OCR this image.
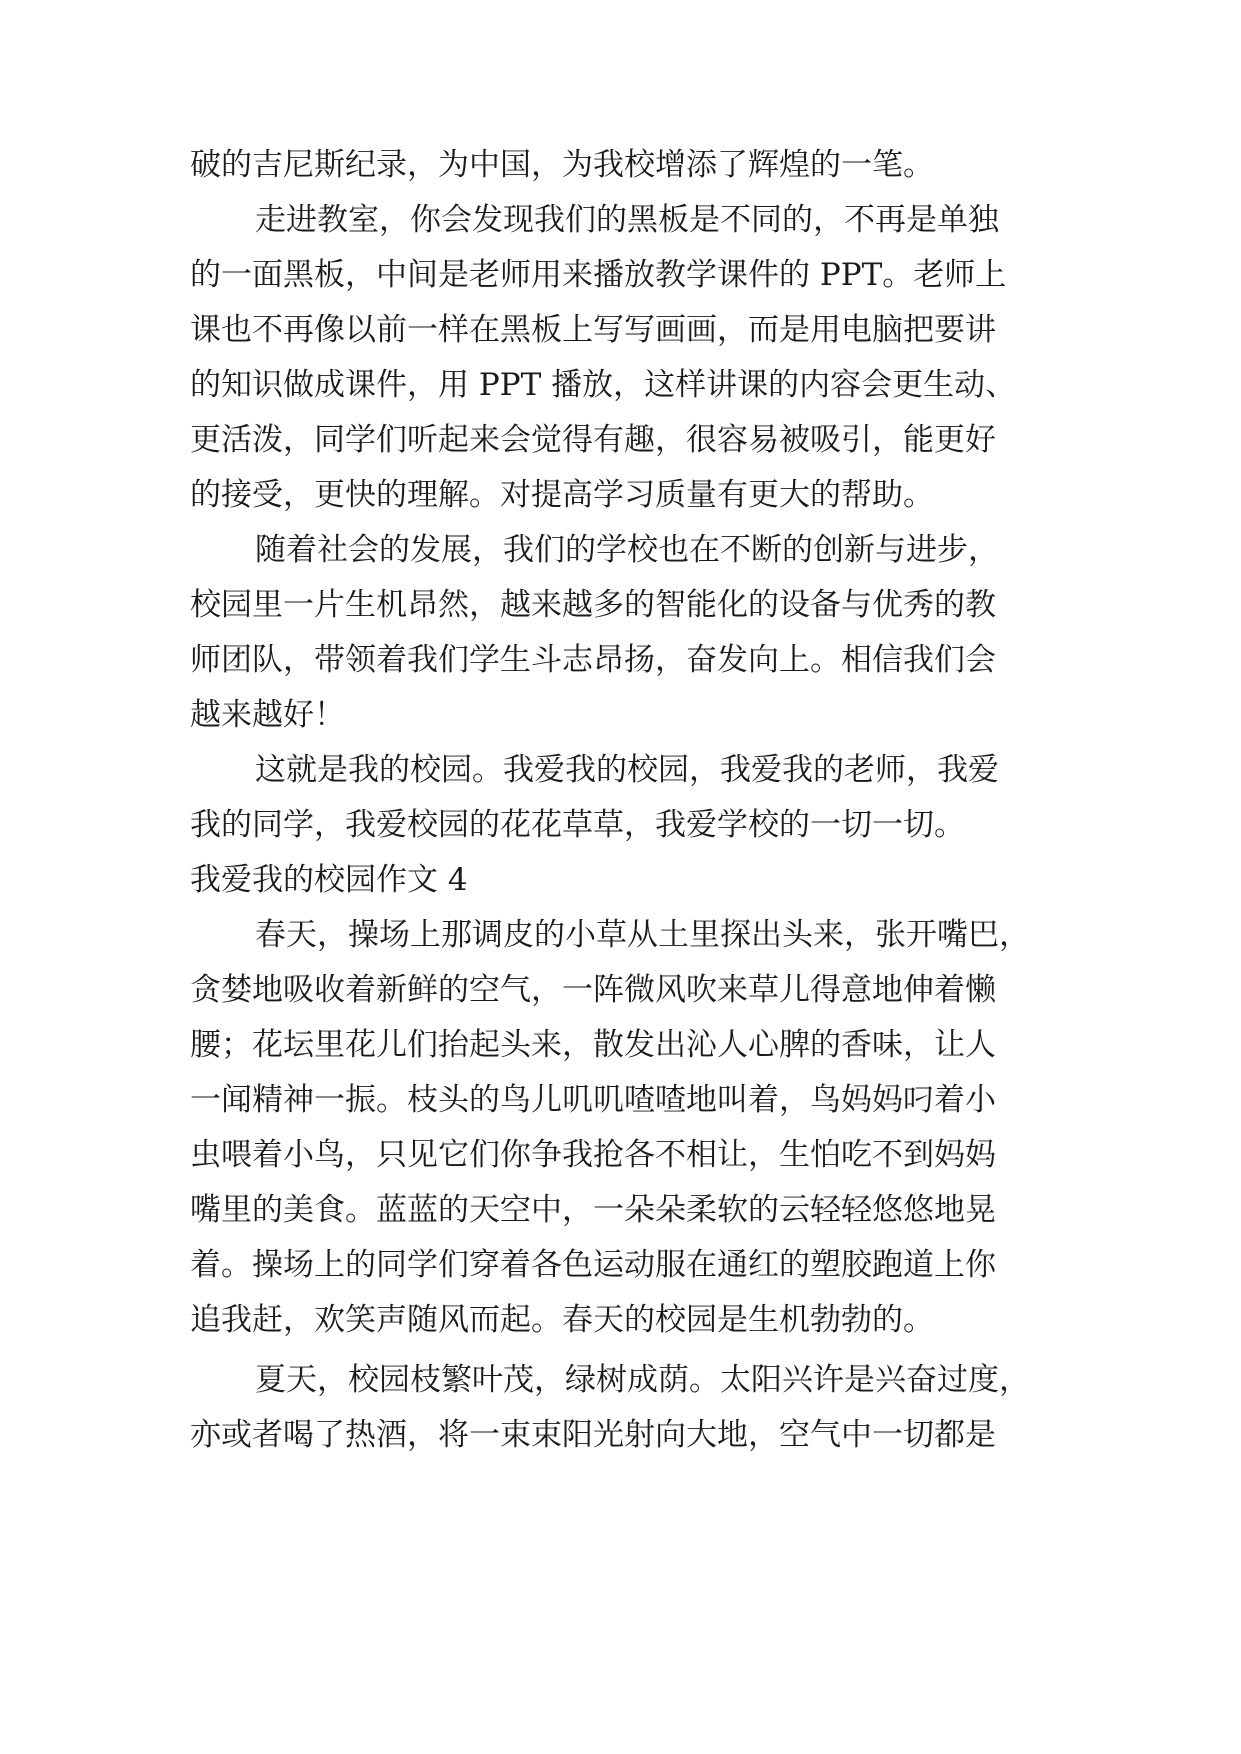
破的吉尼斯纪录，为中国，为我校增添了辉煌的一笔。
走进教室，你会发现我们的黑板是不同的，不再是单独
的一面黑板，中间是老师用来播放教学课件的 PPT。老师上
课也不再像以前一样在黑板上写写画画，而是用电脑把要讲
的知识做成课件，用 PPT 播放，这样讲课的内容会更生动、
更活泼，同学们听起来会觉得有趣，很容易被吸引，能更好
的接受，更快的理解。对提高学习质量有更大的帮助。
随着社会的发展，我们的学校也在不断的创新与进步，
校园里一片生机昂然，越来越多的智能化的设备与优秀的教
师团队，带领着我们学生斗志昂扬，奋发向上。相信我们会
越来越好！
这就是我的校园。我爱我的校园，我爱我的老师，我爱
我的同学，我爱校园的花花草草，我爱学校的一切一切。
我爱我的校园作文 4
春天，操场上那调皮的小草从土里探出头来，张开嘴巴，
贪婪地吸收着新鲜的空气，一阵微风吹来草儿得意地伸着懒
腰；花坛里花儿们抬起头来，散发出沁人心脾的香味，让人
一闻精神一振。枝头的鸟儿叽叽喳喳地叫着，鸟妈妈叼着小
虫喂着小鸟，只见它们你争我抢各不相让，生怕吃不到妈妈
嘴里的美食。蓝蓝的天空中，一朵朵柔软的云轻轻悠悠地晃
着。操场上的同学们穿着各色运动服在通红的塑胶跑道上你
追我赶，欢笑声随风而起。春天的校园是生机勃勃的。
夏天，校园枝繁叶茂，绿树成荫。太阳兴许是兴奋过度，
亦或者喝了热酒，将一束束阳光射向大地，空气中一切都是
